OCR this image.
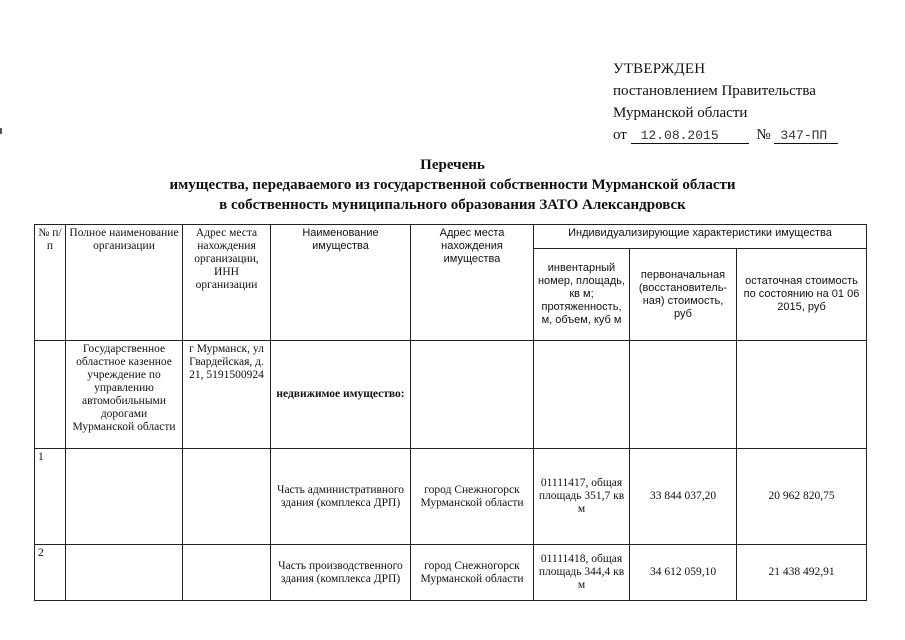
УТВЕРЖДЕН
постановлением Правительства
Мурманской области
от 12.08.2015	№ 347-ПП
Перечень
имущества, передаваемого из государственной собственности Мурманской области
в собственность муниципального образования ЗАТО Александровск
№ п/п	Полное наименование организации	Адрес места нахождения организации, ИНН организации	Наименование имущества	Адрес места нахождения имущества	Индивидуализирующие характеристики имущества		
					инвентарный номер, площадь, кв м; протяженность, м, объем, куб м	первоначальная (восстановитель-ная) стоимость, руб	остаточная стоимость по состоянию на 01 06 2015, руб
	Государственное областное казенное учреждение по управлению автомобильными дорогами Мурманской области	г Мурманск, ул Гвардейская, д. 21, 5191500924	недвижимое имущество:				
1			Часть административного здания (комплекса ДРП)	город Снежногорск Мурманской области	01111417, общая площадь 351,7 кв м	33 844 037,20	20 962 820,75
2			Часть производственного здания (комплекса ДРП)	город Снежногорск Мурманской области	01111418, общая площадь 344,4 кв м	34 612 059,10	21 438 492,91
